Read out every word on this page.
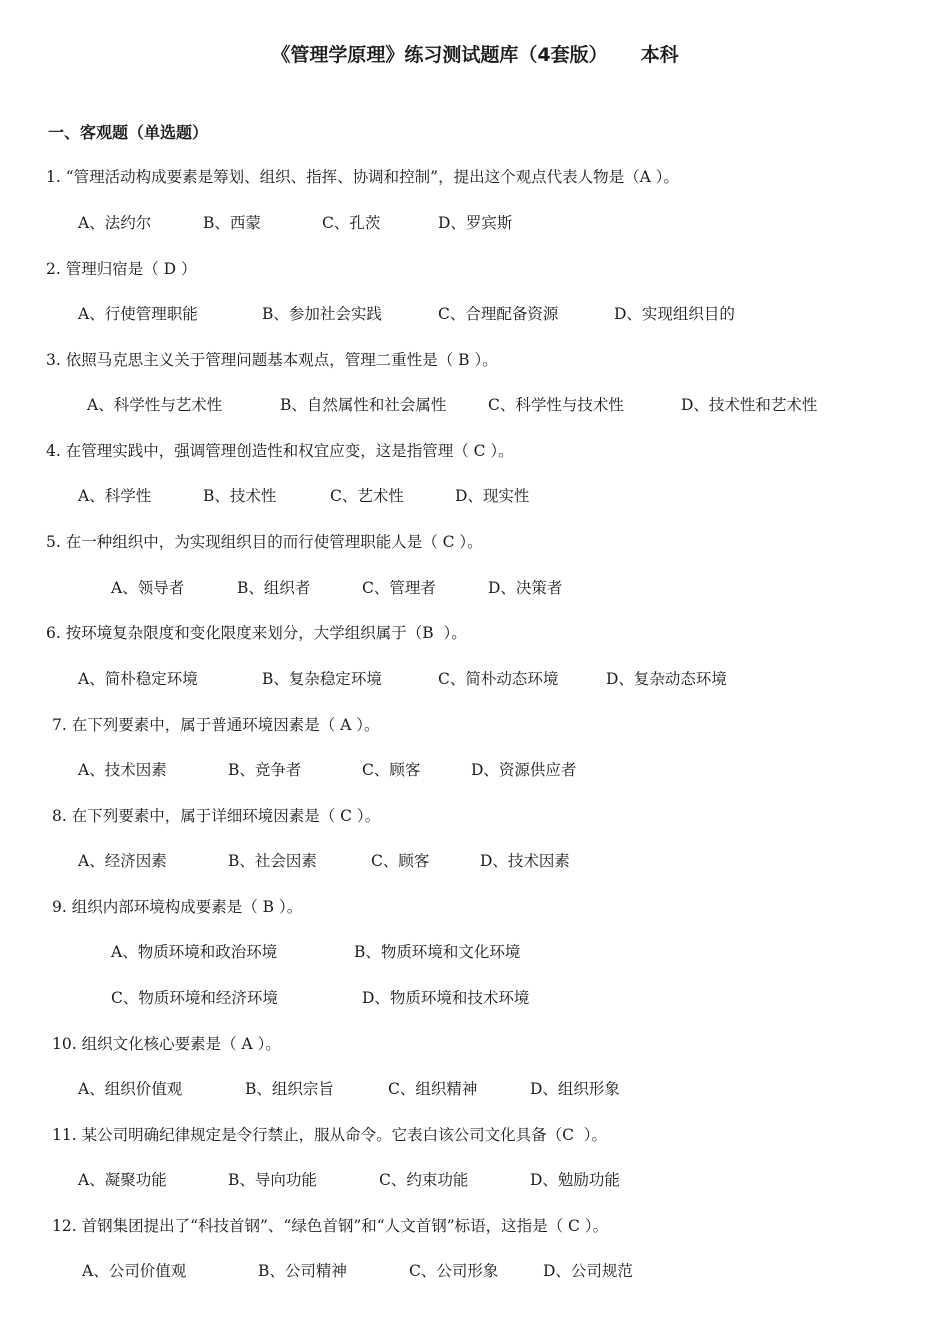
《管理学原理》练习测试题库（4套版）     本科
一、客观题（单选题）
1. “管理活动构成要素是筹划、组织、指挥、协调和控制”，提出这个观点代表人物是（A ）。
A、法约尔	B、西蒙	C、孔茨	D、罗宾斯
2. 管理归宿是（ D ）
A、行使管理职能	B、参加社会实践	C、合理配备资源	D、实现组织目的
3. 依照马克思主义关于管理问题基本观点，管理二重性是（ B ）。
A、科学性与艺术性	B、自然属性和社会属性	C、科学性与技术性	D、技术性和艺术性
4. 在管理实践中，强调管理创造性和权宜应变，这是指管理（ C ）。
A、科学性	B、技术性	C、艺术性	D、现实性
5. 在一种组织中，为实现组织目的而行使管理职能人是（ C ）。
A、领导者	B、组织者	C、管理者	D、决策者
6. 按环境复杂限度和变化限度来划分，大学组织属于（B  ）。
A、简朴稳定环境	B、复杂稳定环境	C、简朴动态环境	D、复杂动态环境
7. 在下列要素中，属于普通环境因素是（ A ）。
A、技术因素	B、竞争者	C、顾客	D、资源供应者
8. 在下列要素中，属于详细环境因素是（ C ）。
A、经济因素	B、社会因素	C、顾客	D、技术因素
9. 组织内部环境构成要素是（ B ）。
A、物质环境和政治环境	B、物质环境和文化环境
C、物质环境和经济环境	D、物质环境和技术环境
10. 组织文化核心要素是（ A ）。
A、组织价值观	B、组织宗旨	C、组织精神	D、组织形象
11. 某公司明确纪律规定是令行禁止，服从命令。它表白该公司文化具备（C  ）。
A、凝聚功能	B、导向功能	C、约束功能	D、勉励功能
12. 首钢集团提出了“科技首钢”、“绿色首钢”和“人文首钢”标语，这指是（ C ）。
A、公司价值观	B、公司精神	C、公司形象	D、公司规范
